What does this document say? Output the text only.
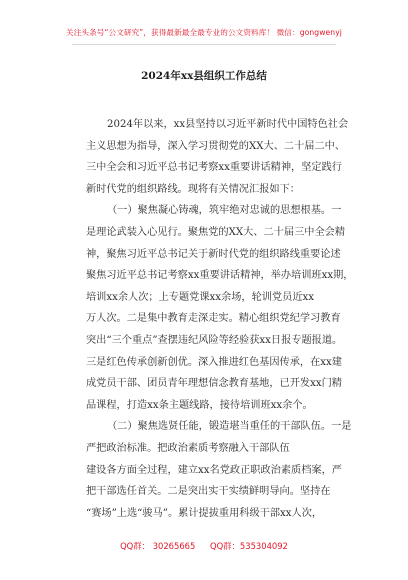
关注头条号“公文研究”，获得最新最全最专业的公文资料库！ 微信：gongwenyj
2024年xx县组织工作总结
2024年以来，xx县坚持以习近平新时代中国特色社会
主义思想为指导，深入学习贯彻党的XX大、二十届二中、
三中全会和习近平总书记考察xx重要讲话精神，坚定践行
新时代党的组织路线。现将有关情况汇报如下：
（一）聚焦凝心铸魂，筑牢绝对忠诚的思想根基。一
是理论武装入心见行。聚焦党的XX大、二十届三中全会精
神，聚焦习近平总书记关于新时代党的组织路线重要论述
聚焦习近平总书记考察xx重要讲话精神，举办培训班xx期，
培训xx余人次；上专题党课xx余场，轮训党员近xx
万人次。二是集中教育走深走实。精心组织党纪学习教育
突出“三个重点”查摆违纪风险等经验获xx日报专题报道。
三是红色传承创新创优。深入推进红色基因传承，在xx建
成党员干部、团员青年理想信念教育基地，已开发xx门精
品课程，打造xx条主题线路，接待培训班xx余个。
（二）聚焦选贤任能，锻造堪当重任的干部队伍。一是
严把政治标准。把政治素质考察融入干部队伍
建设各方面全过程，建立xx名党政正职政治素质档案，严
把干部选任首关。二是突出实干实绩鲜明导向。坚持在
“赛场”上选“骏马”。累计提拔重用科级干部xx人次，
QQ群： 30265665 QQ群：535304092
